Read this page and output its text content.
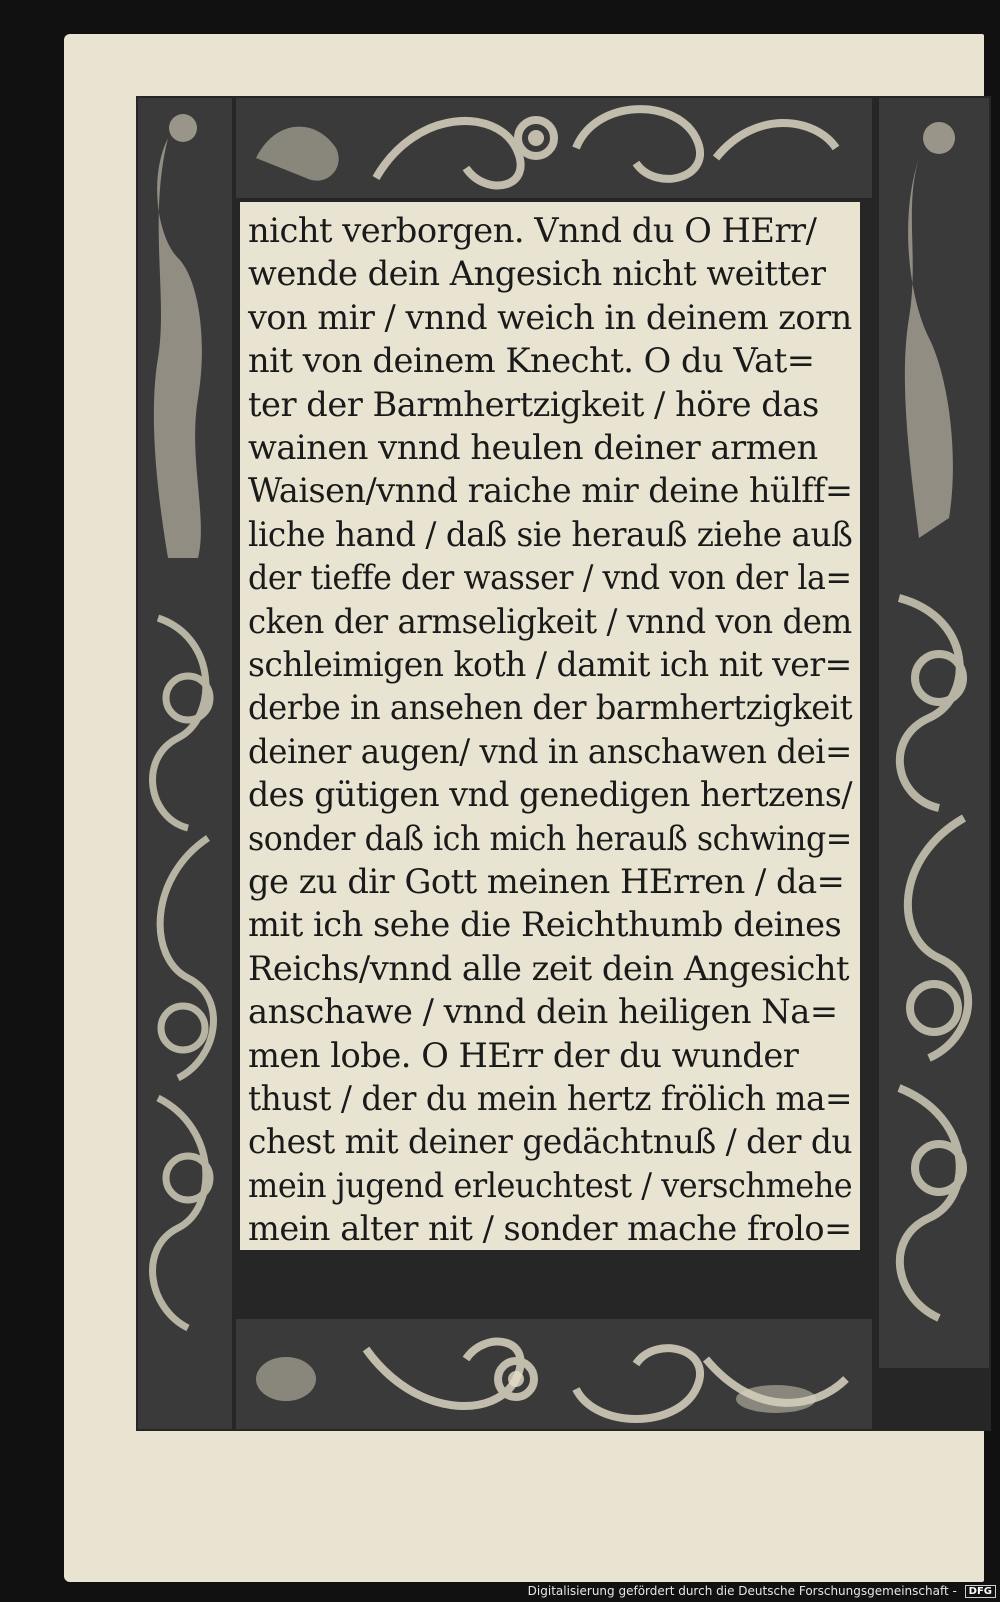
nicht verborgen. Vnnd du O HErr/
wende dein Angesich nicht weitter
von mir / vnnd weich in deinem zorn
nit von deinem Knecht. O du Vat=
ter der Barmhertzigkeit / höre das
wainen vnnd heulen deiner armen
Waisen/vnnd raiche mir deine hülff=
liche hand / daß sie herauß ziehe auß
der tieffe der wasser / vnd von der la=
cken der armseligkeit / vnnd von dem
schleimigen koth / damit ich nit ver=
derbe in ansehen der barmhertzigkeit
deiner augen/ vnd in anschawen dei=
des gütigen vnd genedigen hertzens/
sonder daß ich mich herauß schwing=
ge zu dir Gott meinen HErren / da=
mit ich sehe die Reichthumb deines
Reichs/vnnd alle zeit dein Angesicht
anschawe / vnnd dein heiligen Na=
men lobe. O HErr der du wunder
thust / der du mein hertz frölich ma=
chest mit deiner gedächtnuß / der du
mein jugend erleuchtest / verschmehe
mein alter nit / sonder mache frolo=
Digitalisierung gefördert durch die Deutsche Forschungsgemeinschaft - DFG
